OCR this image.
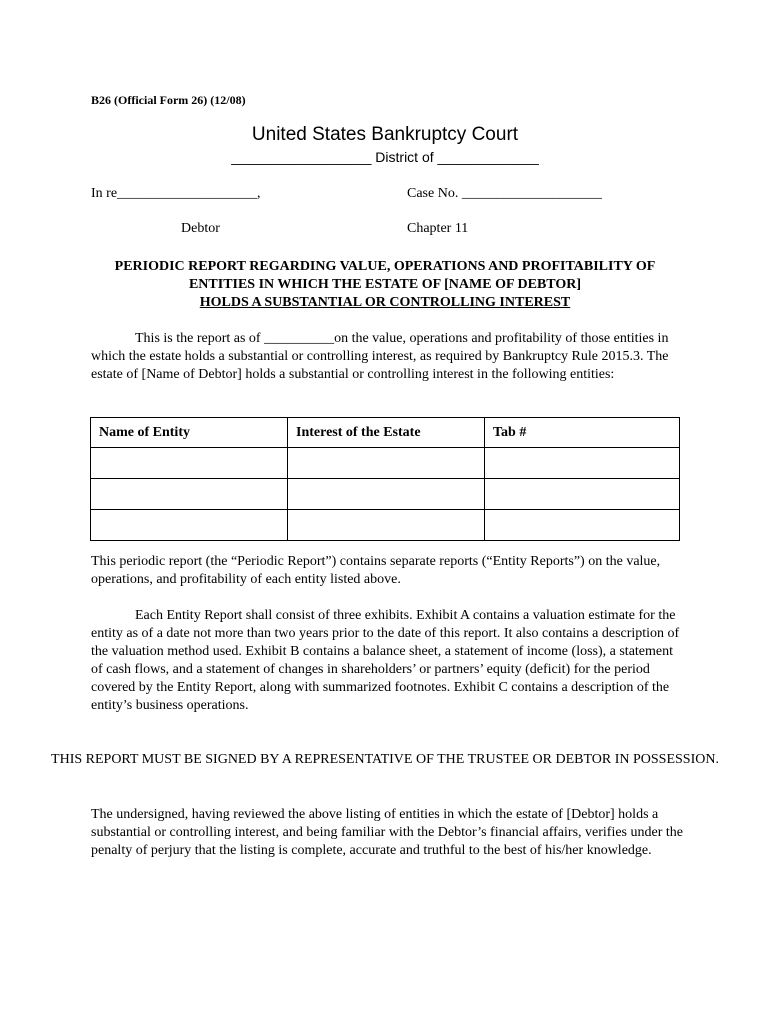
B26 (Official Form 26) (12/08)
United States Bankruptcy Court
__________________ District of _____________
In re____________________,	Case No. ____________________
Debtor	Chapter 11
PERIODIC REPORT REGARDING VALUE, OPERATIONS AND PROFITABILITY OF
ENTITIES IN WHICH THE ESTATE OF [NAME OF DEBTOR]
HOLDS A SUBSTANTIAL OR CONTROLLING INTEREST
This is the report as of __________on the value, operations and profitability of those entities in which the estate holds a substantial or controlling interest, as required by Bankruptcy Rule 2015.3. The estate of [Name of Debtor] holds a substantial or controlling interest in the following entities:
Name of Entity	Interest of the Estate	Tab #

This periodic report (the “Periodic Report”) contains separate reports (“Entity Reports”) on the value, operations, and profitability of each entity listed above.
Each Entity Report shall consist of three exhibits. Exhibit A contains a valuation estimate for the entity as of a date not more than two years prior to the date of this report. It also contains a description of the valuation method used. Exhibit B contains a balance sheet, a statement of income (loss), a statement of cash flows, and a statement of changes in shareholders’ or partners’ equity (deficit) for the period covered by the Entity Report, along with summarized footnotes. Exhibit C contains a description of the entity’s business operations.
THIS REPORT MUST BE SIGNED BY A REPRESENTATIVE OF THE TRUSTEE OR DEBTOR IN POSSESSION.
The undersigned, having reviewed the above listing of entities in which the estate of [Debtor] holds a substantial or controlling interest, and being familiar with the Debtor’s financial affairs, verifies under the penalty of perjury that the listing is complete, accurate and truthful to the best of his/her knowledge.
